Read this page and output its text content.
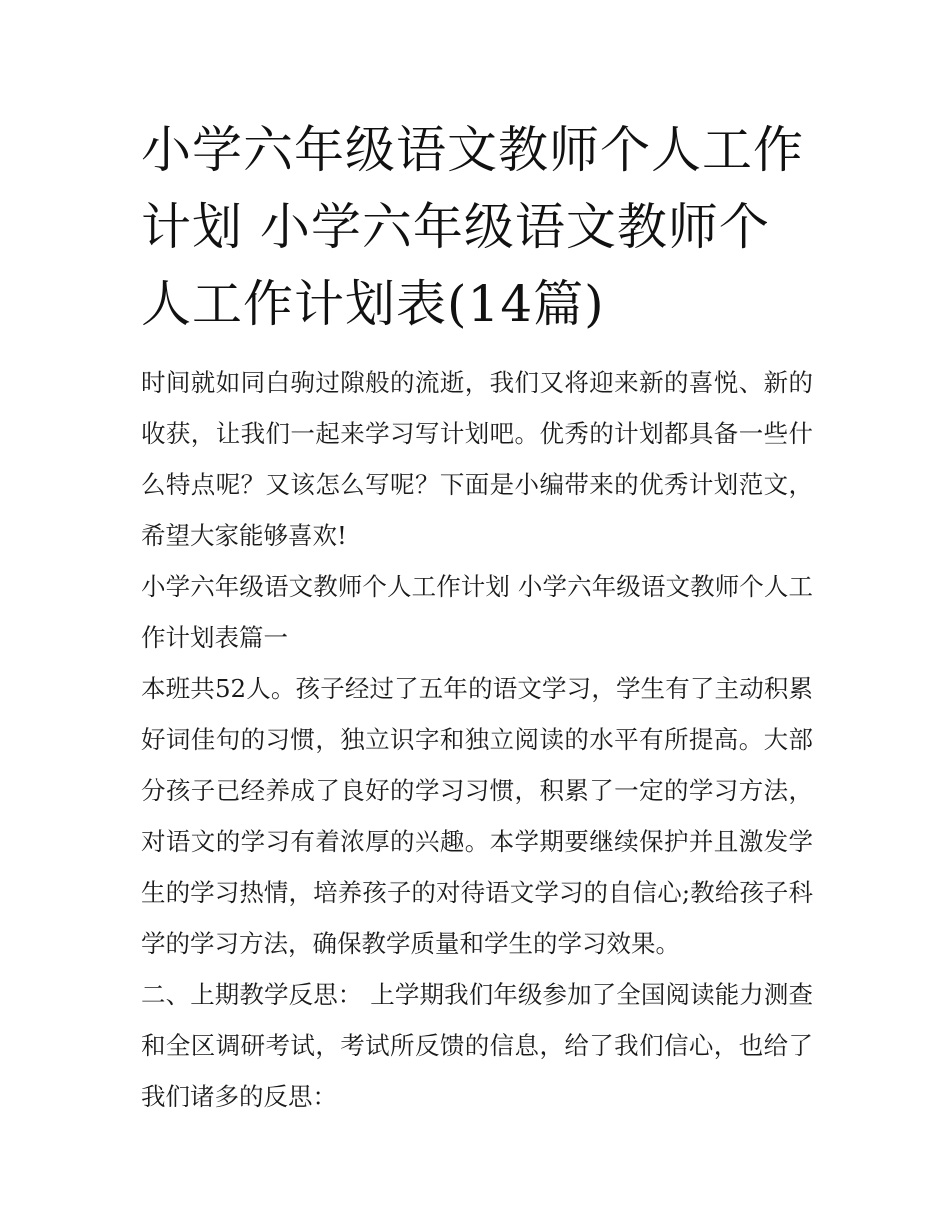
小学六年级语文教师个人工作计划 小学六年级语文教师个人工作计划表(14篇)

时间就如同白驹过隙般的流逝，我们又将迎来新的喜悦、新的收获，让我们一起来学习写计划吧。优秀的计划都具备一些什么特点呢？又该怎么写呢？下面是小编带来的优秀计划范文，希望大家能够喜欢!

小学六年级语文教师个人工作计划 小学六年级语文教师个人工作计划表篇一

本班共52人。孩子经过了五年的语文学习，学生有了主动积累好词佳句的习惯，独立识字和独立阅读的水平有所提高。大部分孩子已经养成了良好的学习习惯，积累了一定的学习方法，对语文的学习有着浓厚的兴趣。本学期要继续保护并且激发学生的学习热情，培养孩子的对待语文学习的自信心;教给孩子科学的学习方法，确保教学质量和学生的学习效果。

二、上期教学反思： 上学期我们年级参加了全国阅读能力测查和全区调研考试，考试所反馈的信息，给了我们信心，也给了我们诸多的反思：
